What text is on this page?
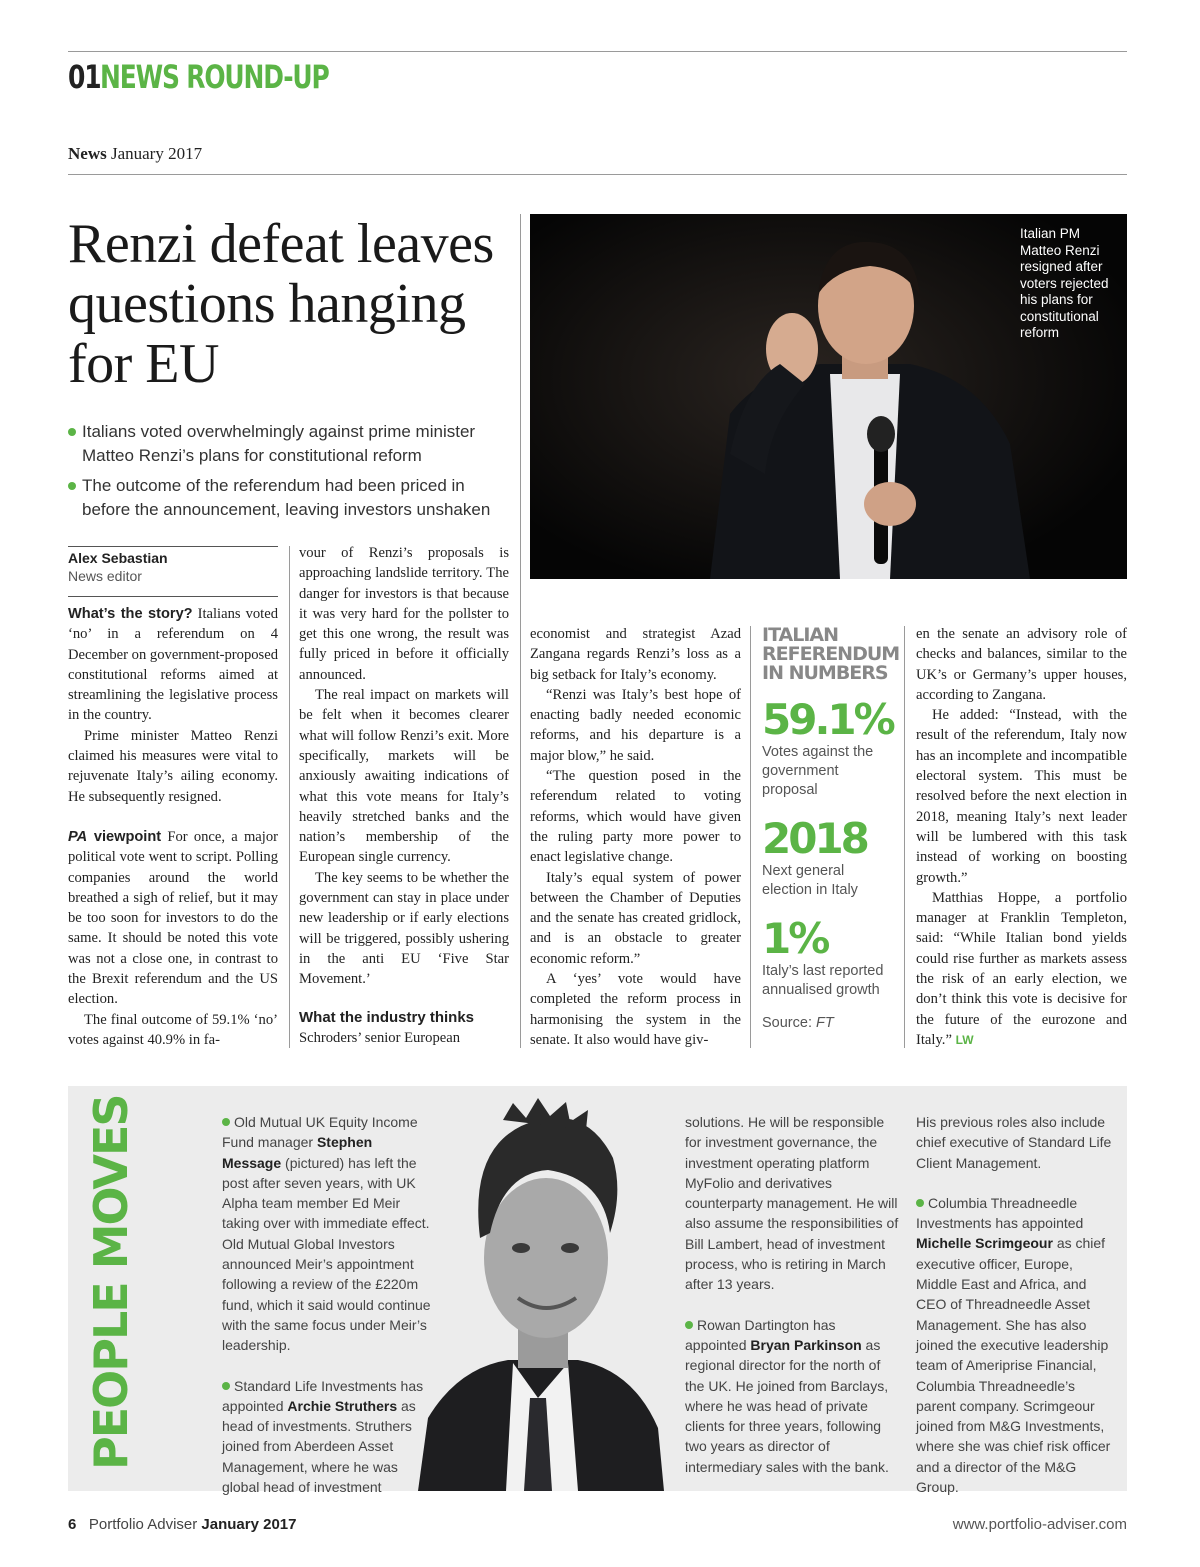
01 NEWS ROUND-UP
News January 2017
Renzi defeat leaves questions hanging for EU
Italians voted overwhelmingly against prime minister Matteo Renzi’s plans for constitutional reform
The outcome of the referendum had been priced in before the announcement, leaving investors unshaken
Italian PM Matteo Renzi resigned after voters rejected his plans for constitutional reform
Alex Sebastian
News editor

What’s the story? Italians voted ‘no’ in a referendum on 4 December on government-proposed constitutional reforms aimed at streamlining the legislative process in the country.

Prime minister Matteo Renzi claimed his measures were vital to rejuvenate Italy’s ailing economy. He subsequently resigned.

PA viewpoint For once, a major political vote went to script. Polling companies around the world breathed a sigh of relief, but it may be too soon for investors to do the same. It should be noted this vote was not a close one, in contrast to the Brexit referendum and the US election.

The final outcome of 59.1% ‘no’ votes against 40.9% in fa-

vour of Renzi’s proposals is approaching landslide territory. The danger for investors is that because it was very hard for the pollster to get this one wrong, the result was fully priced in before it officially announced.

The real impact on markets will be felt when it becomes clearer what will follow Renzi’s exit. More specifically, markets will be anxiously awaiting indications of what this vote means for Italy’s heavily stretched banks and the nation’s membership of the European single currency.

The key seems to be whether the government can stay in place under new leadership or if early elections will be triggered, possibly ushering in the anti EU ‘Five Star Movement.’

What the industry thinks

Schroders’ senior European

economist and strategist Azad Zangana regards Renzi’s loss as a big setback for Italy’s economy.

“Renzi was Italy’s best hope of enacting badly needed economic reforms, and his departure is a major blow,” he said.

“The question posed in the referendum related to voting reforms, which would have given the ruling party more power to enact legislative change.

Italy’s equal system of power between the Chamber of Deputies and the senate has created gridlock, and is an obstacle to greater economic reform.”

A ‘yes’ vote would have completed the reform process in harmonising the system in the senate. It also would have giv-

ITALIAN
REFERENDUM
IN NUMBERS
59.1%
Votes against the government proposal
2018
Next general election in Italy
1%
Italy’s last reported annualised growth
Source: FT

en the senate an advisory role of checks and balances, similar to the UK’s or Germany’s upper houses, according to Zangana.

He added: “Instead, with the result of the referendum, Italy now has an incomplete and incompatible electoral system. This must be resolved before the next election in 2018, meaning Italy’s next leader will be lumbered with this task instead of working on boosting growth.”

Matthias Hoppe, a portfolio manager at Franklin Templeton, said: “While Italian bond yields could rise further as markets assess the risk of an early election, we don’t think this vote is decisive for the future of the eurozone and Italy.” LW

PEOPLE MOVES	Old Mutual UK Equity Income Fund manager Stephen Message (pictured) has left the post after seven years, with UK Alpha team member Ed Meir taking over with immediate effect. Old Mutual Global Investors announced Meir’s appointment following a review of the £220m fund, which it said would continue with the same focus under Meir’s leadership.

Standard Life Investments has appointed Archie Struthers as head of investments. Struthers joined from Aberdeen Asset Management, where he was global head of investment

solutions. He will be responsible for investment governance, the investment operating platform MyFolio and derivatives counterparty management. He will also assume the responsibilities of Bill Lambert, head of investment process, who is retiring in March after 13 years.

Rowan Dartington has appointed Bryan Parkinson as regional director for the north of the UK. He joined from Barclays, where he was head of private clients for three years, following two years as director of intermediary sales with the bank.

His previous roles also include chief executive of Standard Life Client Management.

Columbia Threadneedle Investments has appointed Michelle Scrimgeour as chief executive officer, Europe, Middle East and Africa, and CEO of Threadneedle Asset Management. She has also joined the executive leadership team of Ameriprise Financial, Columbia Threadneedle’s parent company. Scrimgeour joined from M&G Investments, where she was chief risk officer and a director of the M&G Group.

6 Portfolio Adviser January 2017	www.portfolio-adviser.com
